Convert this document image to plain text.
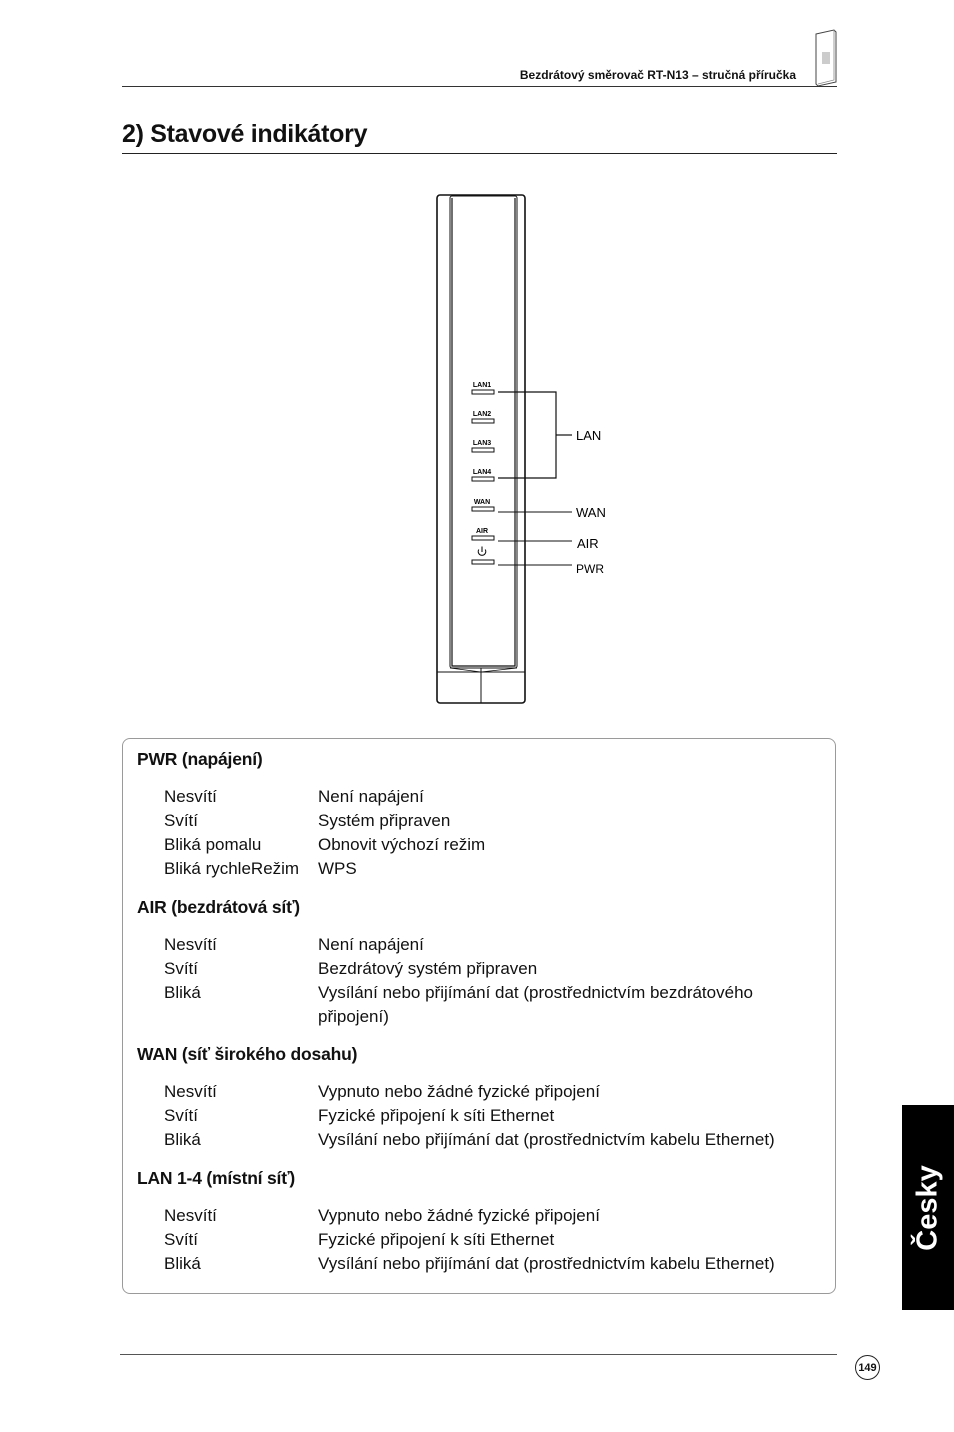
Bezdrátový směrovač RT-N13 – stručná příručka
2) Stavové indikátory
LAN1
LAN2
LAN3
LAN4
WAN
AIR
LAN
WAN
AIR
PWR
PWR (napájení)
Nesvítí	Není napájení
Svítí	Systém připraven
Bliká pomalu	Obnovit výchozí režim
Bliká rychleRežim	WPS
AIR (bezdrátová síť)
Nesvítí	Není napájení
Svítí	Bezdrátový systém připraven
Bliká	Vysílání nebo přijímání dat (prostřednictvím bezdrátového připojení)
WAN (síť širokého dosahu)
Nesvítí	Vypnuto nebo žádné fyzické připojení
Svítí	Fyzické připojení k síti Ethernet
Bliká	Vysílání nebo přijímání dat (prostřednictvím kabelu Ethernet)
LAN 1-4 (místní síť)
Nesvítí	Vypnuto nebo žádné fyzické připojení
Svítí	Fyzické připojení k síti Ethernet
Bliká	Vysílání nebo přijímání dat (prostřednictvím kabelu Ethernet)
Česky
149
